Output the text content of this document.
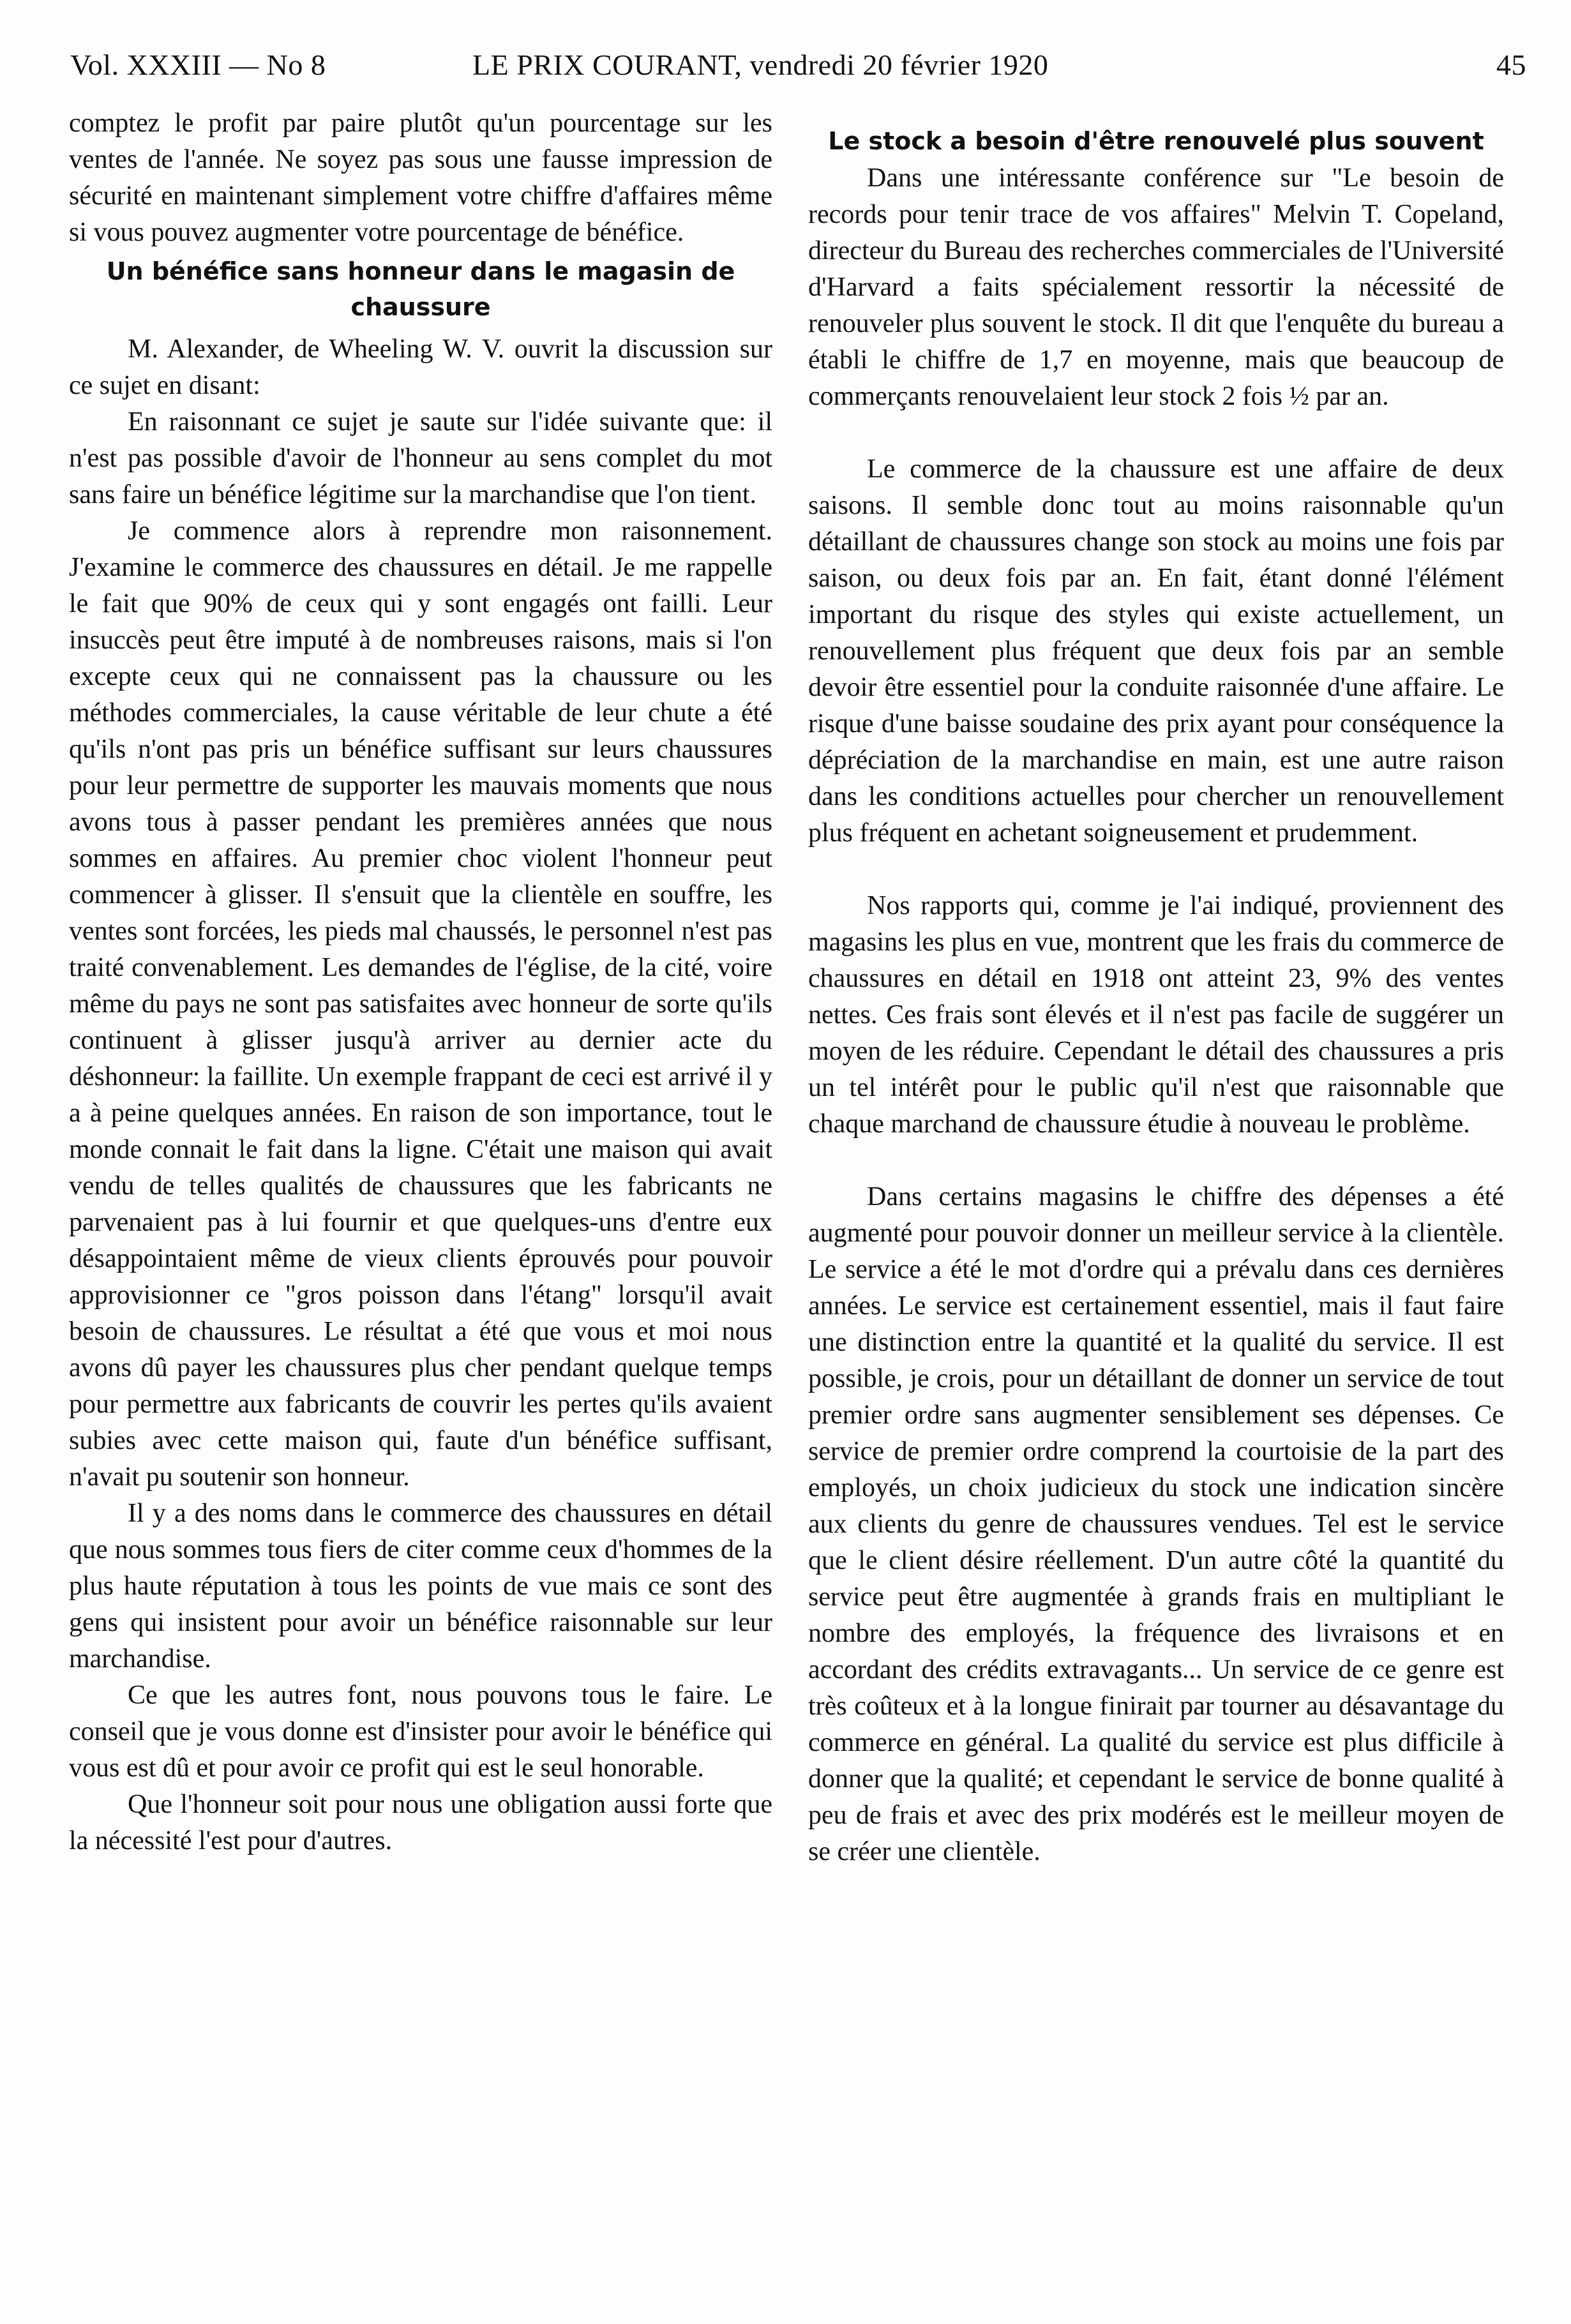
Vol. XXXIII — No 8	LE PRIX COURANT, vendredi 20 février 1920	45

comptez le profit par paire plutôt qu'un pourcentage sur les ventes de l'année. Ne soyez pas sous une fausse impression de sécurité en maintenant simplement votre chiffre d'affaires même si vous pouvez augmenter votre pourcentage de bénéfice.

Un bénéfice sans honneur dans le magasin de chaussure

M. Alexander, de Wheeling W. V. ouvrit la discussion sur ce sujet en disant:

En raisonnant ce sujet je saute sur l'idée suivante que: il n'est pas possible d'avoir de l'honneur au sens complet du mot sans faire un bénéfice légitime sur la marchandise que l'on tient.

Je commence alors à reprendre mon raisonnement. J'examine le commerce des chaussures en détail. Je me rappelle le fait que 90% de ceux qui y sont engagés ont failli. Leur insuccès peut être imputé à de nombreuses raisons, mais si l'on excepte ceux qui ne connaissent pas la chaussure ou les méthodes commerciales, la cause véritable de leur chute a été qu'ils n'ont pas pris un bénéfice suffisant sur leurs chaussures pour leur permettre de supporter les mauvais moments que nous avons tous à passer pendant les premières années que nous sommes en affaires. Au premier choc violent l'honneur peut commencer à glisser. Il s'ensuit que la clientèle en souffre, les ventes sont forcées, les pieds mal chaussés, le personnel n'est pas traité convenablement. Les demandes de l'église, de la cité, voire même du pays ne sont pas satisfaites avec honneur de sorte qu'ils continuent à glisser jusqu'à arriver au dernier acte du déshonneur: la faillite. Un exemple frappant de ceci est arrivé il y a à peine quelques années. En raison de son importance, tout le monde connait le fait dans la ligne. C'était une maison qui avait vendu de telles qualités de chaussures que les fabricants ne parvenaient pas à lui fournir et que quelques-uns d'entre eux désappointaient même de vieux clients éprouvés pour pouvoir approvisionner ce "gros poisson dans l'étang" lorsqu'il avait besoin de chaussures. Le résultat a été que vous et moi nous avons dû payer les chaussures plus cher pendant quelque temps pour permettre aux fabricants de couvrir les pertes qu'ils avaient subies avec cette maison qui, faute d'un bénéfice suffisant, n'avait pu soutenir son honneur.

Il y a des noms dans le commerce des chaussures en détail que nous sommes tous fiers de citer comme ceux d'hommes de la plus haute réputation à tous les points de vue mais ce sont des gens qui insistent pour avoir un bénéfice raisonnable sur leur marchandise.

Ce que les autres font, nous pouvons tous le faire. Le conseil que je vous donne est d'insister pour avoir le bénéfice qui vous est dû et pour avoir ce profit qui est le seul honorable.

Que l'honneur soit pour nous une obligation aussi forte que la nécessité l'est pour d'autres.

Le stock a besoin d'être renouvelé plus souvent

Dans une intéressante conférence sur "Le besoin de records pour tenir trace de vos affaires" Melvin T. Copeland, directeur du Bureau des recherches commerciales de l'Université d'Harvard a faits spécialement ressortir la nécessité de renouveler plus souvent le stock. Il dit que l'enquête du bureau a établi le chiffre de 1,7 en moyenne, mais que beaucoup de commerçants renouvelaient leur stock 2 fois ½ par an.

Le commerce de la chaussure est une affaire de deux saisons. Il semble donc tout au moins raisonnable qu'un détaillant de chaussures change son stock au moins une fois par saison, ou deux fois par an. En fait, étant donné l'élément important du risque des styles qui existe actuellement, un renouvellement plus fréquent que deux fois par an semble devoir être essentiel pour la conduite raisonnée d'une affaire. Le risque d'une baisse soudaine des prix ayant pour conséquence la dépréciation de la marchandise en main, est une autre raison dans les conditions actuelles pour chercher un renouvellement plus fréquent en achetant soigneusement et prudemment.

Nos rapports qui, comme je l'ai indiqué, proviennent des magasins les plus en vue, montrent que les frais du commerce de chaussures en détail en 1918 ont atteint 23, 9% des ventes nettes. Ces frais sont élevés et il n'est pas facile de suggérer un moyen de les réduire. Cependant le détail des chaussures a pris un tel intérêt pour le public qu'il n'est que raisonnable que chaque marchand de chaussure étudie à nouveau le problème.

Dans certains magasins le chiffre des dépenses a été augmenté pour pouvoir donner un meilleur service à la clientèle. Le service a été le mot d'ordre qui a prévalu dans ces dernières années. Le service est certainement essentiel, mais il faut faire une distinction entre la quantité et la qualité du service. Il est possible, je crois, pour un détaillant de donner un service de tout premier ordre sans augmenter sensiblement ses dépenses. Ce service de premier ordre comprend la courtoisie de la part des employés, un choix judicieux du stock une indication sincère aux clients du genre de chaussures vendues. Tel est le service que le client désire réellement. D'un autre côté la quantité du service peut être augmentée à grands frais en multipliant le nombre des employés, la fréquence des livraisons et en accordant des crédits extravagants... Un service de ce genre est très coûteux et à la longue finirait par tourner au désavantage du commerce en général. La qualité du service est plus difficile à donner que la qualité; et cependant le service de bonne qualité à peu de frais et avec des prix modérés est le meilleur moyen de se créer une clientèle.
